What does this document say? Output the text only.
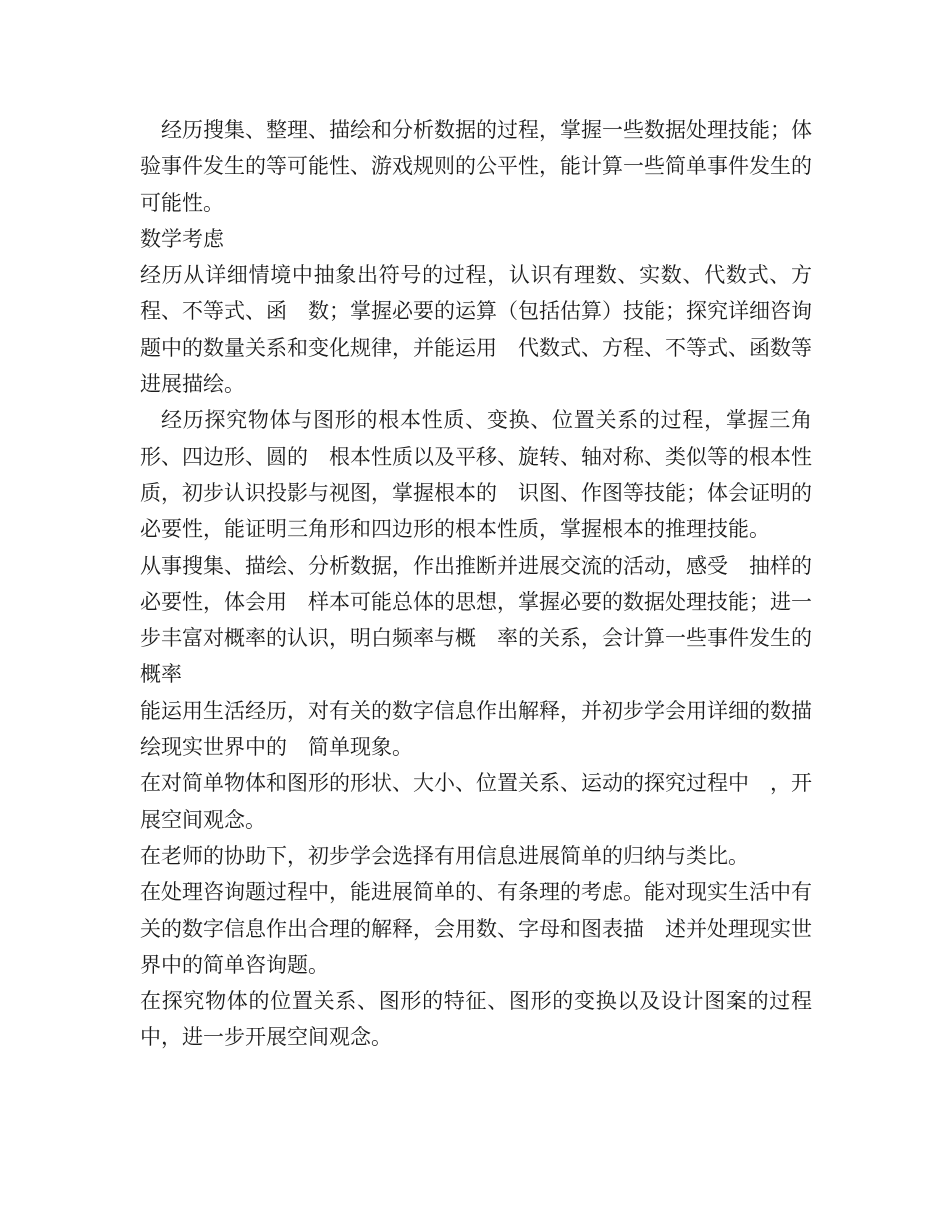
经历搜集、整理、描绘和分析数据的过程，掌握一些数据处理技能；体验事件发生的等可能性、游戏规则的公平性，能计算一些简单事件发生的可能性。

数学考虑

经历从详细情境中抽象出符号的过程，认识有理数、实数、代数式、方程、不等式、函　数；掌握必要的运算（包括估算）技能；探究详细咨询题中的数量关系和变化规律，并能运用　代数式、方程、不等式、函数等进展描绘。

经历探究物体与图形的根本性质、变换、位置关系的过程，掌握三角形、四边形、圆的　根本性质以及平移、旋转、轴对称、类似等的根本性质，初步认识投影与视图，掌握根本的　识图、作图等技能；体会证明的必要性，能证明三角形和四边形的根本性质，掌握根本的推理技能。

从事搜集、描绘、分析数据，作出推断并进展交流的活动，感受　抽样的必要性，体会用　样本可能总体的思想，掌握必要的数据处理技能；进一步丰富对概率的认识，明白频率与概　率的关系，会计算一些事件发生的概率

能运用生活经历，对有关的数字信息作出解释，并初步学会用详细的数描绘现实世界中的　简单现象。

在对简单物体和图形的形状、大小、位置关系、运动的探究过程中　，开展空间观念。

在老师的协助下，初步学会选择有用信息进展简单的归纳与类比。

在处理咨询题过程中，能进展简单的、有条理的考虑。能对现实生活中有关的数字信息作出合理的解释，会用数、字母和图表描　述并处理现实世界中的简单咨询题。

在探究物体的位置关系、图形的特征、图形的变换以及设计图案的过程中，进一步开展空间观念。
